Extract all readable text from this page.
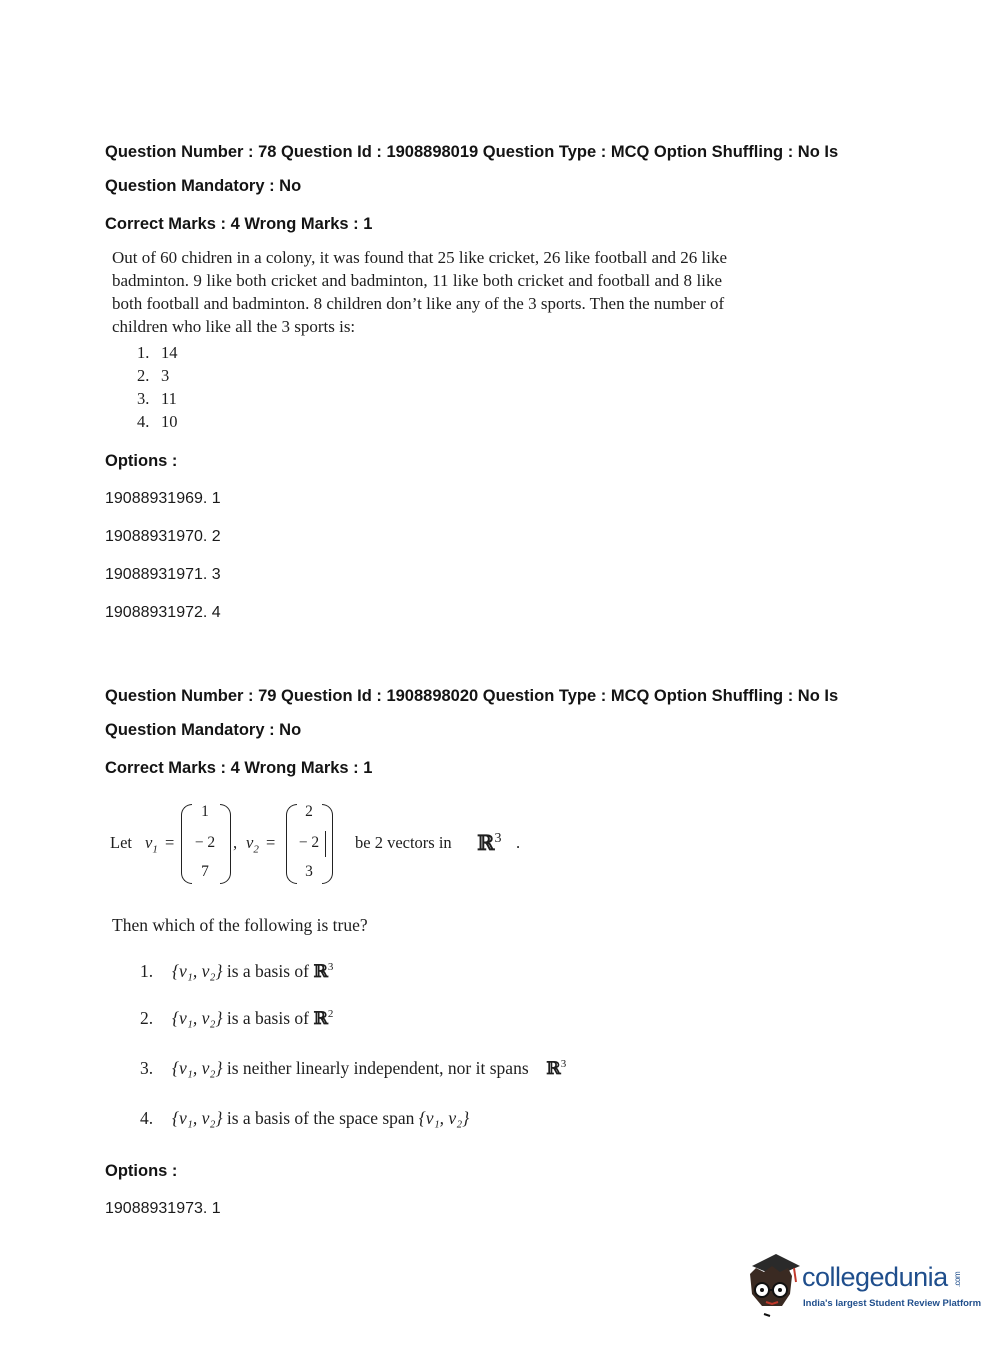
Question Number : 78 Question Id : 1908898019 Question Type : MCQ Option Shuffling : No Is
Question Mandatory : No
Correct Marks : 4 Wrong Marks : 1
Out of 60 chidren in a colony, it was found that 25 like cricket, 26 like football and 26 like
badminton. 9 like both cricket and badminton, 11 like both cricket and football and 8 like
both football and badminton. 8 children don’t like any of the 3 sports. Then the number of
children who like all the 3 sports is:
1. 14
2. 3
3. 11
4. 10
Options :
19088931969. 1
19088931970. 2
19088931971. 3
19088931972. 4
Question Number : 79 Question Id : 1908898020 Question Type : MCQ Option Shuffling : No Is
Question Mandatory : No
Correct Marks : 4 Wrong Marks : 1
Let $v_1$ =
1
− 2
7
, $v_2$ =
2
− 2
3
be 2 vectors in ℝ$^3$ .
Then which of the following is true?
1. {v₁, v₂} is a basis of ℝ$^3$
2. {v₁, v₂} is a basis of ℝ$^2$
3. {v₁, v₂} is neither linearly independent, nor it spans ℝ$^3$
4. {v₁, v₂} is a basis of the space span {v₁, v₂}
Options :
19088931973. 1
collegedunia .com
India's largest Student Review Platform
